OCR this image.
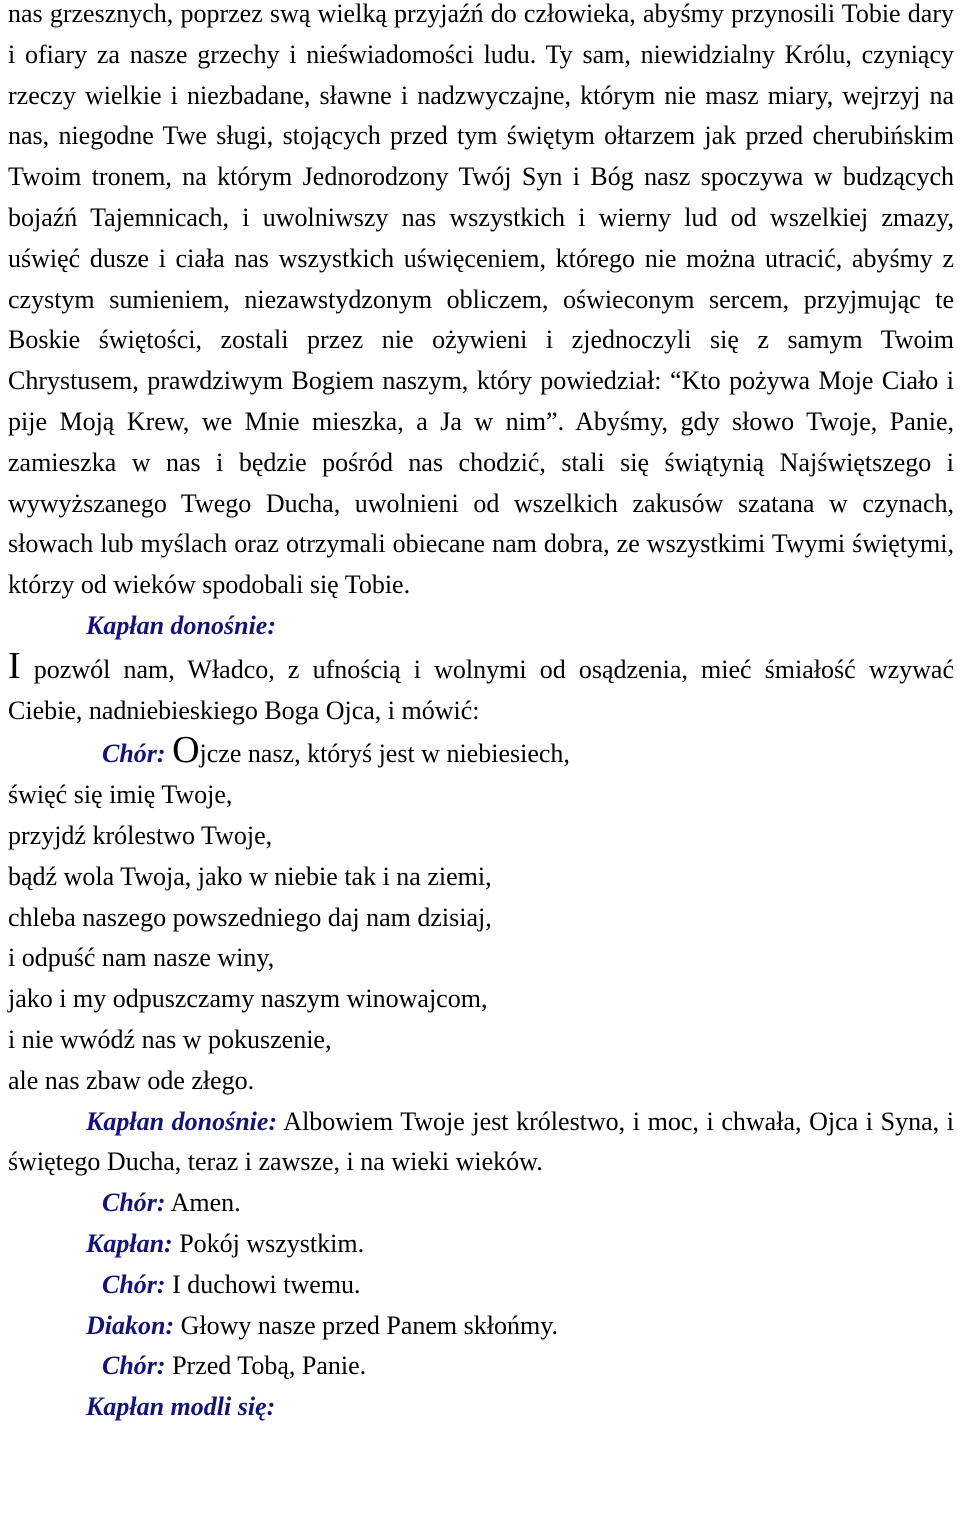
nas grzesznych, poprzez swą wielką przyjaźń do człowieka, abyśmy przynosili Tobie dary i ofiary za nasze grzechy i nieświadomości ludu. Ty sam, niewidzialny Królu, czyniący rzeczy wielkie i niezbadane, sławne i nadzwyczajne, którym nie masz miary, wejrzyj na nas, niegodne Twe sługi, stojących przed tym świętym ołtarzem jak przed cherubińskim Twoim tronem, na którym Jednorodzony Twój Syn i Bóg nasz spoczywa w budzących bojaźń Tajemnicach, i uwolniwszy nas wszystkich i wierny lud od wszelkiej zmazy, uświęć dusze i ciała nas wszystkich uświęceniem, którego nie można utracić, abyśmy z czystym sumieniem, niezawstydzonym obliczem, oświeconym sercem, przyjmując te Boskie świętości, zostali przez nie ożywieni i zjednoczyli się z samym Twoim Chrystusem, prawdziwym Bogiem naszym, który powiedział: “Kto pożywa Moje Ciało i pije Moją Krew, we Mnie mieszka, a Ja w nim”. Abyśmy, gdy słowo Twoje, Panie, zamieszka w nas i będzie pośród nas chodzić, stali się świątynią Najświętszego i wywyższanego Twego Ducha, uwolnieni od wszelkich zakusów szatana w czynach, słowach lub myślach oraz otrzymali obiecane nam dobra, ze wszystkimi Twymi świętymi, którzy od wieków spodobali się Tobie.

Kapłan donośnie:

I pozwól nam, Władco, z ufnością i wolnymi od osądzenia, mieć śmiałość wzywać Ciebie, nadniebieskiego Boga Ojca, i mówić:

Chór: Ojcze nasz, któryś jest w niebiesiech,

święć się imię Twoje,

przyjdź królestwo Twoje,

bądź wola Twoja, jako w niebie tak i na ziemi,

chleba naszego powszedniego daj nam dzisiaj,

i odpuść nam nasze winy,

jako i my odpuszczamy naszym winowajcom,

i nie wwódź nas w pokuszenie,

ale nas zbaw ode złego.

Kapłan donośnie: Albowiem Twoje jest królestwo, i moc, i chwała, Ojca i Syna, i świętego Ducha, teraz i zawsze, i na wieki wieków.

Chór: Amen.

Kapłan: Pokój wszystkim.

Chór: I duchowi twemu.

Diakon: Głowy nasze przed Panem skłońmy.

Chór: Przed Tobą, Panie.

Kapłan modli się:
